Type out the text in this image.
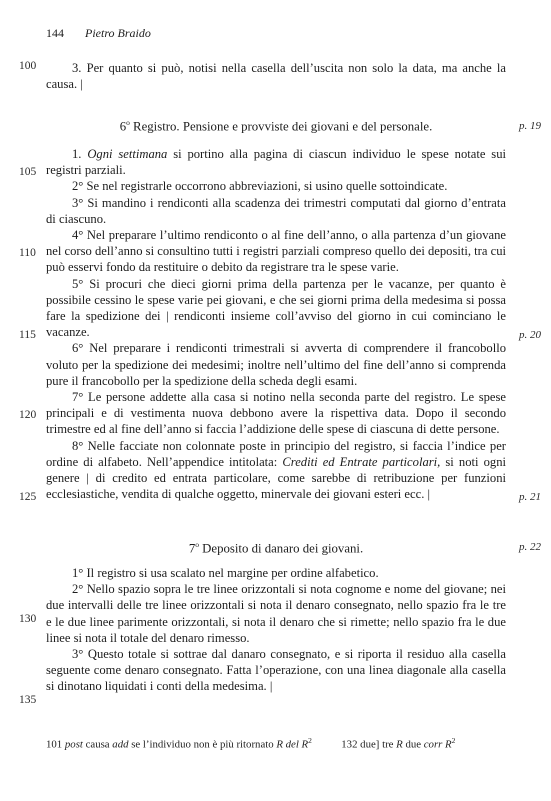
144 Pietro Braido
100
105
110
115
120
125
130
135
p. 19
p. 20
p. 21
p. 22

3. Per quanto si può, notisi nella casella dell’uscita non solo la data, ma anche la causa. |

6$^o$ Registro. Pensione e provviste dei giovani e del personale.

1. Ogni settimana si portino alla pagina di ciascun individuo le spese notate sui registri parziali.

2° Se nel registrarle occorrono abbreviazioni, si usino quelle sottoindicate.

3° Si mandino i rendiconti alla scadenza dei trimestri computati dal giorno d’entrata di ciascuno.

4° Nel preparare l’ultimo rendiconto o al fine dell’anno, o alla partenza d’un giovane nel corso dell’anno si consultino tutti i registri parziali compreso quello dei depositi, tra cui può esservi fondo da restituire o debito da registrare tra le spese varie.

5° Si procuri che dieci giorni prima della partenza per le vacanze, per quanto è possibile cessino le spese varie pei giovani, e che sei giorni prima della medesima si possa fare la spedizione dei | rendiconti insieme coll’avviso del giorno in cui cominciano le vacanze.

6° Nel preparare i rendiconti trimestrali si avverta di comprendere il francobollo voluto per la spedizione dei medesimi; inoltre nell’ultimo del fine dell’anno si comprenda pure il francobollo per la spedizione della scheda degli esami.

7° Le persone addette alla casa si notino nella seconda parte del registro. Le spese principali e di vestimenta nuova debbono avere la rispettiva data. Dopo il secondo trimestre ed al fine dell’anno si faccia l’addizione delle spese di ciascuna di dette persone.

8° Nelle facciate non colonnate poste in principio del registro, si faccia l’indice per ordine di alfabeto. Nell’appendice intitolata: Crediti ed Entrate particolari, si noti ogni genere | di credito ed entrata particolare, come sarebbe di retribuzione per funzioni ecclesiastiche, vendita di qualche oggetto, minervale dei giovani esteri ecc. |

7$^o$ Deposito di danaro dei giovani.

1° Il registro si usa scalato nel margine per ordine alfabetico.

2° Nello spazio sopra le tre linee orizzontali si nota cognome e nome del giovane; nei due intervalli delle tre linee orizzontali si nota il denaro consegnato, nello spazio fra le tre e le due linee parimente orizzontali, si nota il denaro che si rimette; nello spazio fra le due linee si nota il totale del denaro rimesso.

3° Questo totale si sottrae dal danaro consegnato, e si riporta il residuo alla casella seguente come denaro consegnato. Fatta l’operazione, con una linea diagonale alla casella si dinotano liquidati i conti della medesima. |

101 post causa add se l’individuo non è più ritornato R del $R^2$	132 due] tre R due corr $R^2$
